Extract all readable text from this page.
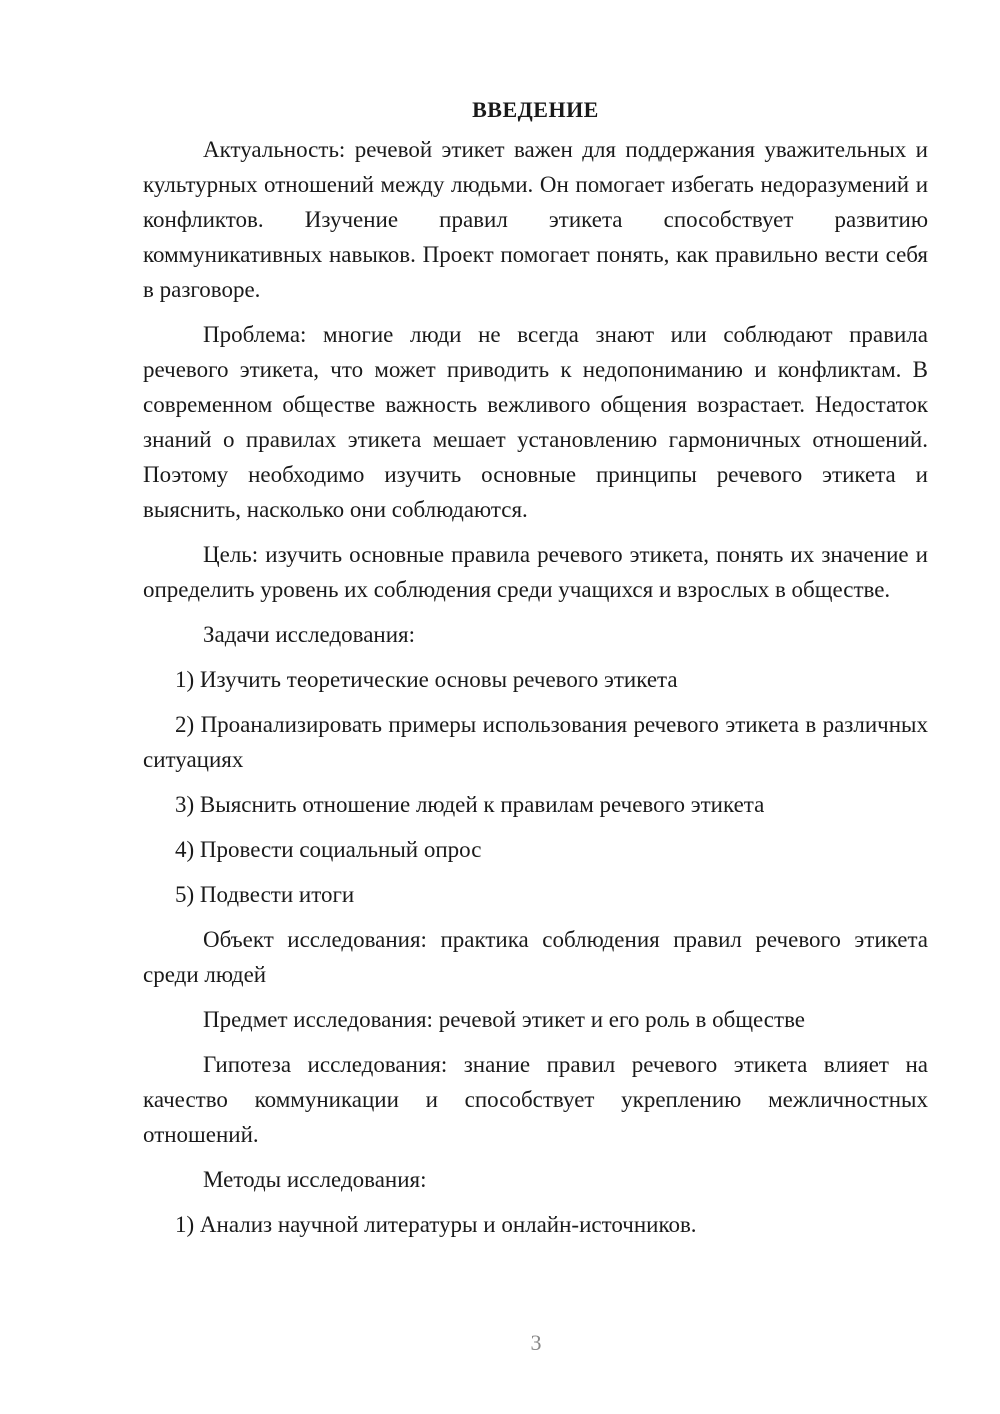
ВВЕДЕНИЕ

Актуальность: речевой этикет важен для поддержания уважительных и культурных отношений между людьми. Он помогает избегать недоразумений и конфликтов. Изучение правил этикета способствует развитию коммуникативных навыков. Проект помогает понять, как правильно вести себя в разговоре.

Проблема: многие люди не всегда знают или соблюдают правила речевого этикета, что может приводить к недопониманию и конфликтам. В современном обществе важность вежливого общения возрастает. Недостаток знаний о правилах этикета мешает установлению гармоничных отношений. Поэтому необходимо изучить основные принципы речевого этикета и выяснить, насколько они соблюдаются.

Цель: изучить основные правила речевого этикета, понять их значение и определить уровень их соблюдения среди учащихся и взрослых в обществе.

Задачи исследования:

1) Изучить теоретические основы речевого этикета

2) Проанализировать примеры использования речевого этикета в различных ситуациях

3) Выяснить отношение людей к правилам речевого этикета

4) Провести социальный опрос

5) Подвести итоги

Объект исследования: практика соблюдения правил речевого этикета среди людей

Предмет исследования: речевой этикет и его роль в обществе

Гипотеза исследования: знание правил речевого этикета влияет на качество коммуникации и способствует укреплению межличностных отношений.

Методы исследования:

1) Анализ научной литературы и онлайн-источников.

3
